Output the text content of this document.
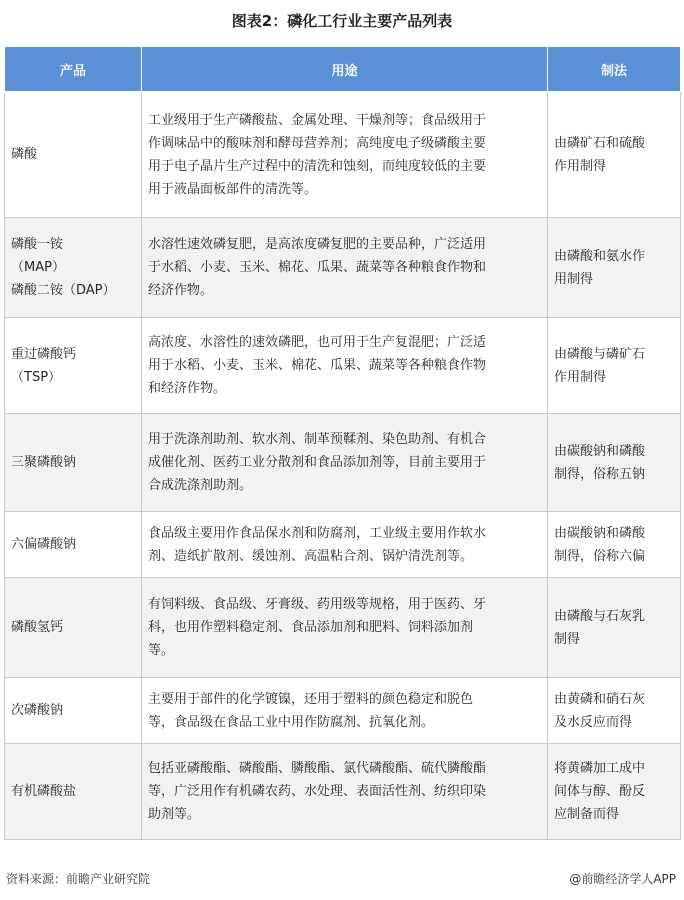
图表2：磷化工行业主要产品列表
产品	用途	制法

磷酸	工业级用于生产磷酸盐、金属处理、干燥剂等；食品级用于
作调味品中的酸味剂和酵母营养剂；高纯度电子级磷酸主要
用于电子晶片生产过程中的清洗和蚀刻，而纯度较低的主要
用于液晶面板部件的清洗等。	由磷矿石和硫酸
作用制得

磷酸一铵
（MAP）
磷酸二铵（DAP）	水溶性速效磷复肥，是高浓度磷复肥的主要品种，广泛适用
于水稻、小麦、玉米、棉花、瓜果、蔬菜等各种粮食作物和
经济作物。	由磷酸和氨水作
用制得

重过磷酸钙
（TSP）	高浓度、水溶性的速效磷肥，也可用于生产复混肥；广泛适
用于水稻、小麦、玉米、棉花、瓜果、蔬菜等各种粮食作物
和经济作物。	由磷酸与磷矿石
作用制得

三聚磷酸钠	用于洗涤剂助剂、软水剂、制革预鞣剂、染色助剂、有机合
成催化剂、医药工业分散剂和食品添加剂等，目前主要用于
合成洗涤剂助剂。	由碳酸钠和磷酸
制得，俗称五钠

六偏磷酸钠	食品级主要用作食品保水剂和防腐剂，工业级主要用作软水
剂、造纸扩散剂、缓蚀剂、高温粘合剂、锅炉清洗剂等。	由碳酸钠和磷酸
制得，俗称六偏

磷酸氢钙	有饲料级、食品级、牙膏级、药用级等规格，用于医药、牙
科，也用作塑料稳定剂、食品添加剂和肥料、饲料添加剂
等。	由磷酸与石灰乳
制得

次磷酸钠	主要用于部件的化学镀镍，还用于塑料的颜色稳定和脱色
等，食品级在食品工业中用作防腐剂、抗氧化剂。	由黄磷和硝石灰
及水反应而得

有机磷酸盐	包括亚磷酸酯、磷酸酯、膦酸酯、氯代磷酸酯、硫代膦酸酯
等，广泛用作有机磷农药、水处理、表面活性剂、纺织印染
助剂等。	将黄磷加工成中
间体与醇、酚反
应制备而得
资料来源：前瞻产业研究院	@前瞻经济学人APP
